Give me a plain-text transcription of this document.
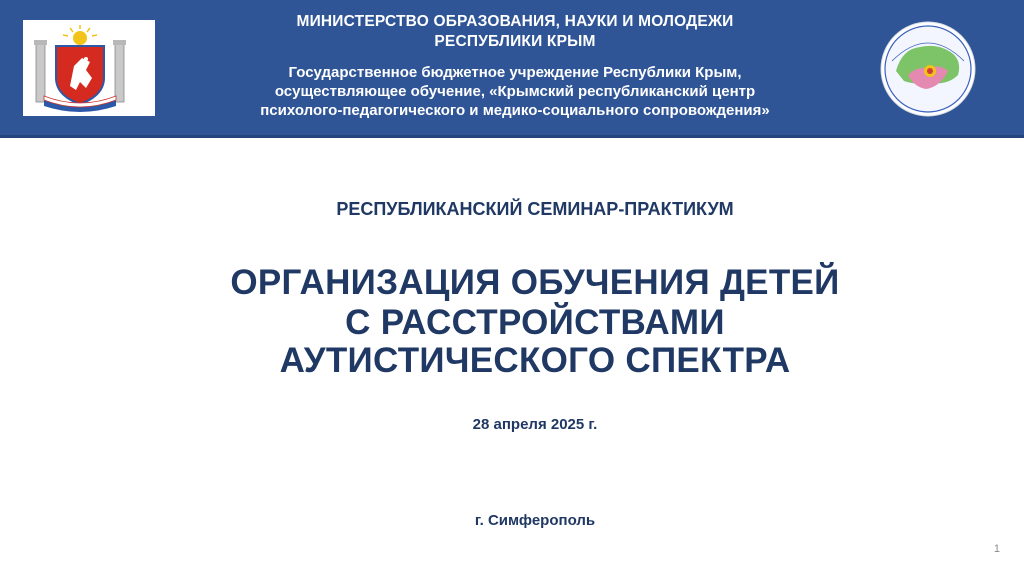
МИНИСТЕРСТВО ОБРАЗОВАНИЯ, НАУКИ И МОЛОДЕЖИ
РЕСПУБЛИКИ КРЫМ
Государственное бюджетное учреждение Республики Крым,
осуществляющее обучение, «Крымский республиканский центр
психолого-педагогического и медико-социального сопровождения»
РЕСПУБЛИКАНСКИЙ СЕМИНАР-ПРАКТИКУМ
ОРГАНИЗАЦИЯ ОБУЧЕНИЯ ДЕТЕЙ
С РАССТРОЙСТВАМИ
АУТИСТИЧЕСКОГО СПЕКТРА
28 апреля 2025 г.
г. Симферополь
1
